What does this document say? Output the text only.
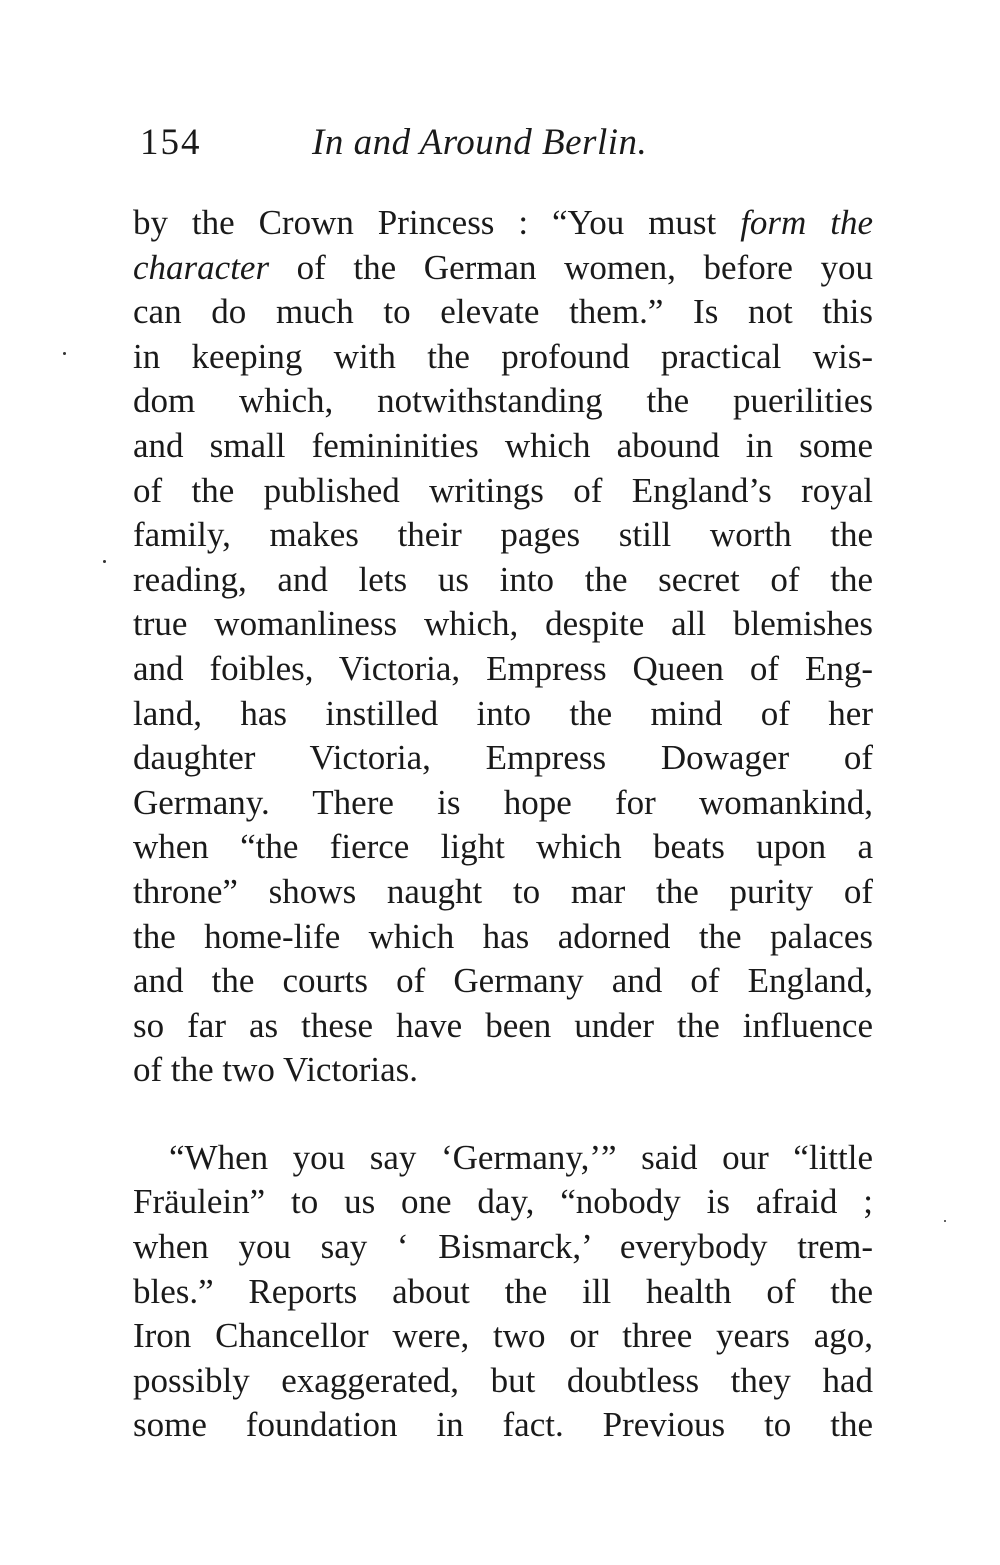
154	In and Around Berlin.
by the Crown Princess : “You must form the
character of the German women, before you
can do much to elevate them.” Is not this
in keeping with the profound practical wis-
dom which, notwithstanding the puerilities
and small femininities which abound in some
of the published writings of England’s royal
family, makes their pages still worth the
reading, and lets us into the secret of the
true womanliness which, despite all blemishes
and foibles, Victoria, Empress Queen of Eng-
land, has instilled into the mind of her
daughter Victoria, Empress Dowager of
Germany. There is hope for womankind,
when “the fierce light which beats upon a
throne” shows naught to mar the purity of
the home-life which has adorned the palaces
and the courts of Germany and of England,
so far as these have been under the influence
of the two Victorias.
“When you say ‘Germany,’” said our “little
Fräulein” to us one day, “nobody is afraid ;
when you say ‘ Bismarck,’ everybody trem-
bles.” Reports about the ill health of the
Iron Chancellor were, two or three years ago,
possibly exaggerated, but doubtless they had
some foundation in fact. Previous to the
